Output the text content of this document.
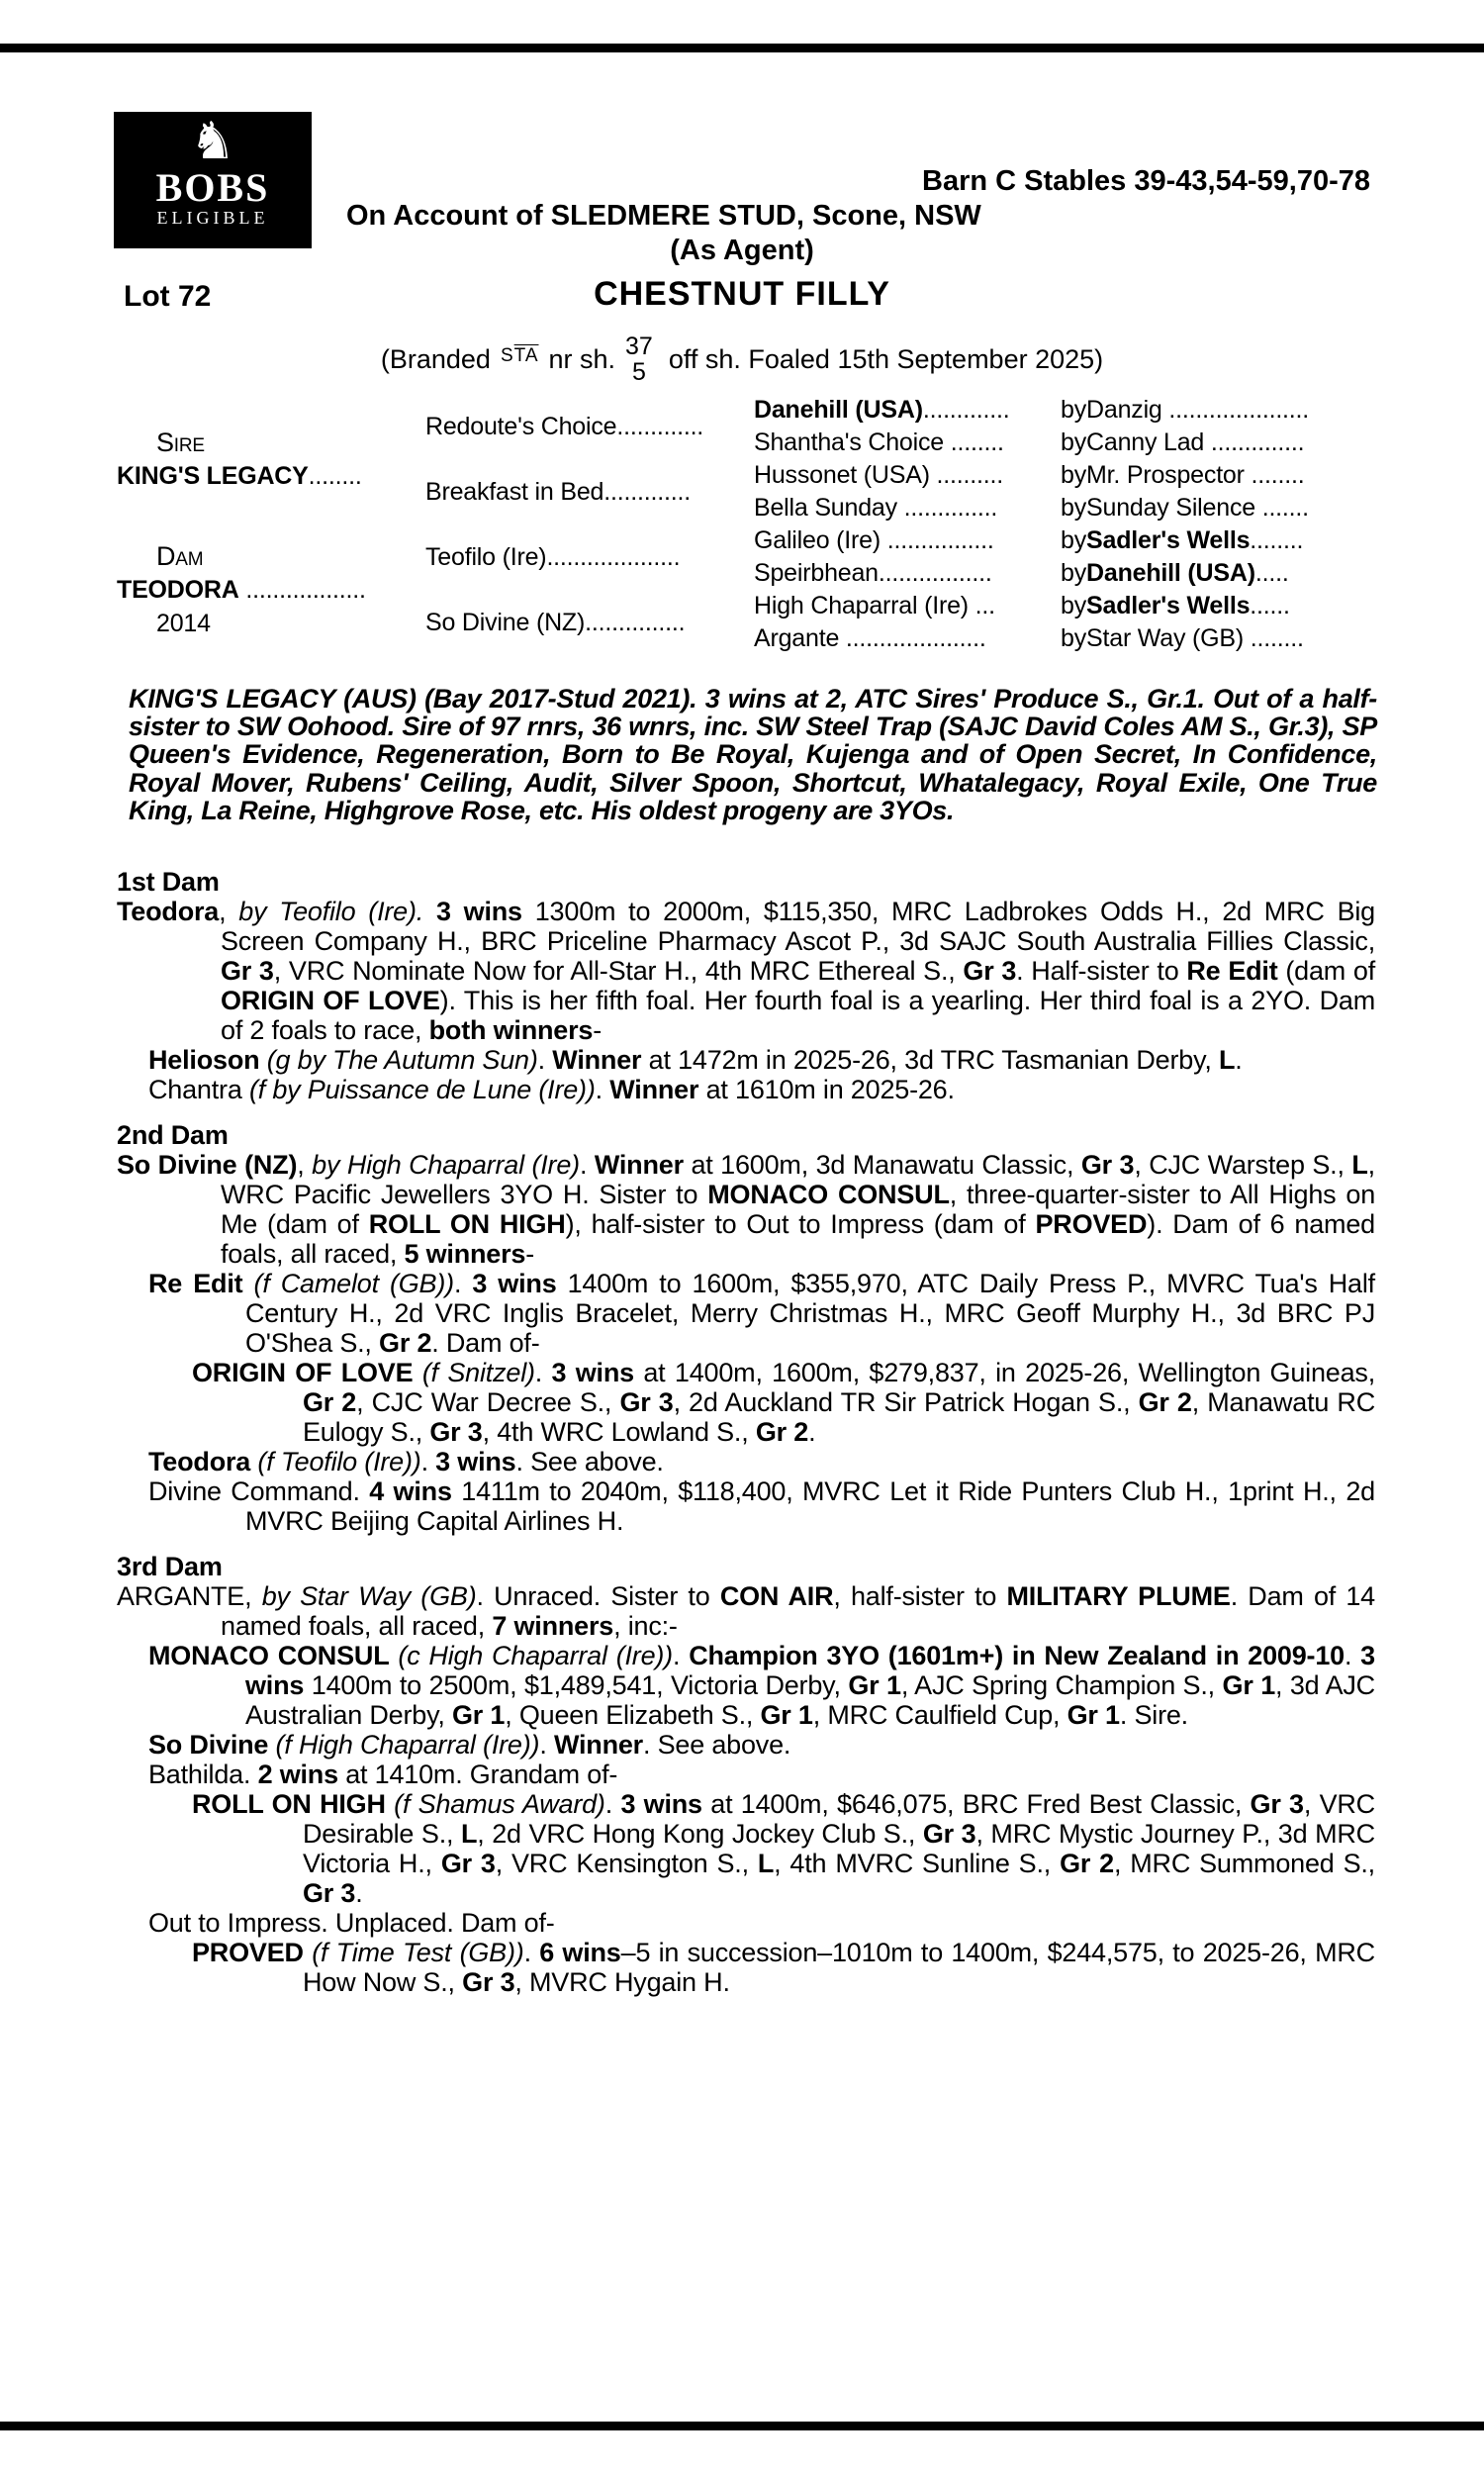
♞
BOBS
ELIGIBLE
Barn C Stables 39-43,54-59,70-78
On Account of SLEDMERE STUD, Scone, NSW
(As Agent)
Lot 72	CHESTNUT FILLY
(Branded $S\overline{TA}$ nr sh. 37
5 off sh. Foaled 15th September 2025)
Sire
KING'S LEGACY........
Dam
TEODORA ..................
2014
Redoute's Choice .............
Breakfast in Bed .............
Teofilo (Ire) ....................
So Divine (NZ) ...............
Danehill (USA) .............
Shantha's Choice ........
Hussonet (USA) ..........
Bella Sunday ..............
Galileo (Ire) ................
Speirbhean.................
High Chaparral (Ire) ...
Argante .....................
by Danzig .....................
by Canny Lad ..............
by Mr. Prospector ........
by Sunday Silence .......
by Sadler's Wells ........
by Danehill (USA) .....
by Sadler's Wells ......
by Star Way (GB) ........
KING'S LEGACY (AUS) (Bay 2017-Stud 2021). 3 wins at 2, ATC Sires' Produce S., Gr.1. Out of a half-sister to SW Oohood. Sire of 97 rnrs, 36 wnrs, inc. SW Steel Trap (SAJC David Coles AM S., Gr.3), SP Queen's Evidence, Regeneration, Born to Be Royal, Kujenga and of Open Secret, In Confidence, Royal Mover, Rubens' Ceiling, Audit, Silver Spoon, Shortcut, Whatalegacy, Royal Exile, One True King, La Reine, Highgrove Rose, etc. His oldest progeny are 3YOs.
1st Dam
Teodora, by Teofilo (Ire). 3 wins 1300m to 2000m, $115,350, MRC Ladbrokes Odds H., 2d MRC Big Screen Company H., BRC Priceline Pharmacy Ascot P., 3d SAJC South Australia Fillies Classic, Gr 3, VRC Nominate Now for All-Star H., 4th MRC Ethereal S., Gr 3. Half-sister to Re Edit (dam of ORIGIN OF LOVE). This is her fifth foal. Her fourth foal is a yearling. Her third foal is a 2YO. Dam of 2 foals to race, both winners-
Helioson (g by The Autumn Sun). Winner at 1472m in 2025-26, 3d TRC Tasmanian Derby, L.
Chantra (f by Puissance de Lune (Ire)). Winner at 1610m in 2025-26.
2nd Dam
So Divine (NZ), by High Chaparral (Ire). Winner at 1600m, 3d Manawatu Classic, Gr 3, CJC Warstep S., L, WRC Pacific Jewellers 3YO H. Sister to MONACO CONSUL, three-quarter-sister to All Highs on Me (dam of ROLL ON HIGH), half-sister to Out to Impress (dam of PROVED). Dam of 6 named foals, all raced, 5 winners-
Re Edit (f Camelot (GB)). 3 wins 1400m to 1600m, $355,970, ATC Daily Press P., MVRC Tua's Half Century H., 2d VRC Inglis Bracelet, Merry Christmas H., MRC Geoff Murphy H., 3d BRC PJ O'Shea S., Gr 2. Dam of-
ORIGIN OF LOVE (f Snitzel). 3 wins at 1400m, 1600m, $279,837, in 2025-26, Wellington Guineas, Gr 2, CJC War Decree S., Gr 3, 2d Auckland TR Sir Patrick Hogan S., Gr 2, Manawatu RC Eulogy S., Gr 3, 4th WRC Lowland S., Gr 2.
Teodora (f Teofilo (Ire)). 3 wins. See above.
Divine Command. 4 wins 1411m to 2040m, $118,400, MVRC Let it Ride Punters Club H., 1print H., 2d MVRC Beijing Capital Airlines H.
3rd Dam
ARGANTE, by Star Way (GB). Unraced. Sister to CON AIR, half-sister to MILITARY PLUME. Dam of 14 named foals, all raced, 7 winners, inc:-
MONACO CONSUL (c High Chaparral (Ire)). Champion 3YO (1601m+) in New Zealand in 2009-10. 3 wins 1400m to 2500m, $1,489,541, Victoria Derby, Gr 1, AJC Spring Champion S., Gr 1, 3d AJC Australian Derby, Gr 1, Queen Elizabeth S., Gr 1, MRC Caulfield Cup, Gr 1. Sire.
So Divine (f High Chaparral (Ire)). Winner. See above.
Bathilda. 2 wins at 1410m. Grandam of-
ROLL ON HIGH (f Shamus Award). 3 wins at 1400m, $646,075, BRC Fred Best Classic, Gr 3, VRC Desirable S., L, 2d VRC Hong Kong Jockey Club S., Gr 3, MRC Mystic Journey P., 3d MRC Victoria H., Gr 3, VRC Kensington S., L, 4th MVRC Sunline S., Gr 2, MRC Summoned S., Gr 3.
Out to Impress. Unplaced. Dam of-
PROVED (f Time Test (GB)). 6 wins–5 in succession–1010m to 1400m, $244,575, to 2025-26, MRC How Now S., Gr 3, MVRC Hygain H.
